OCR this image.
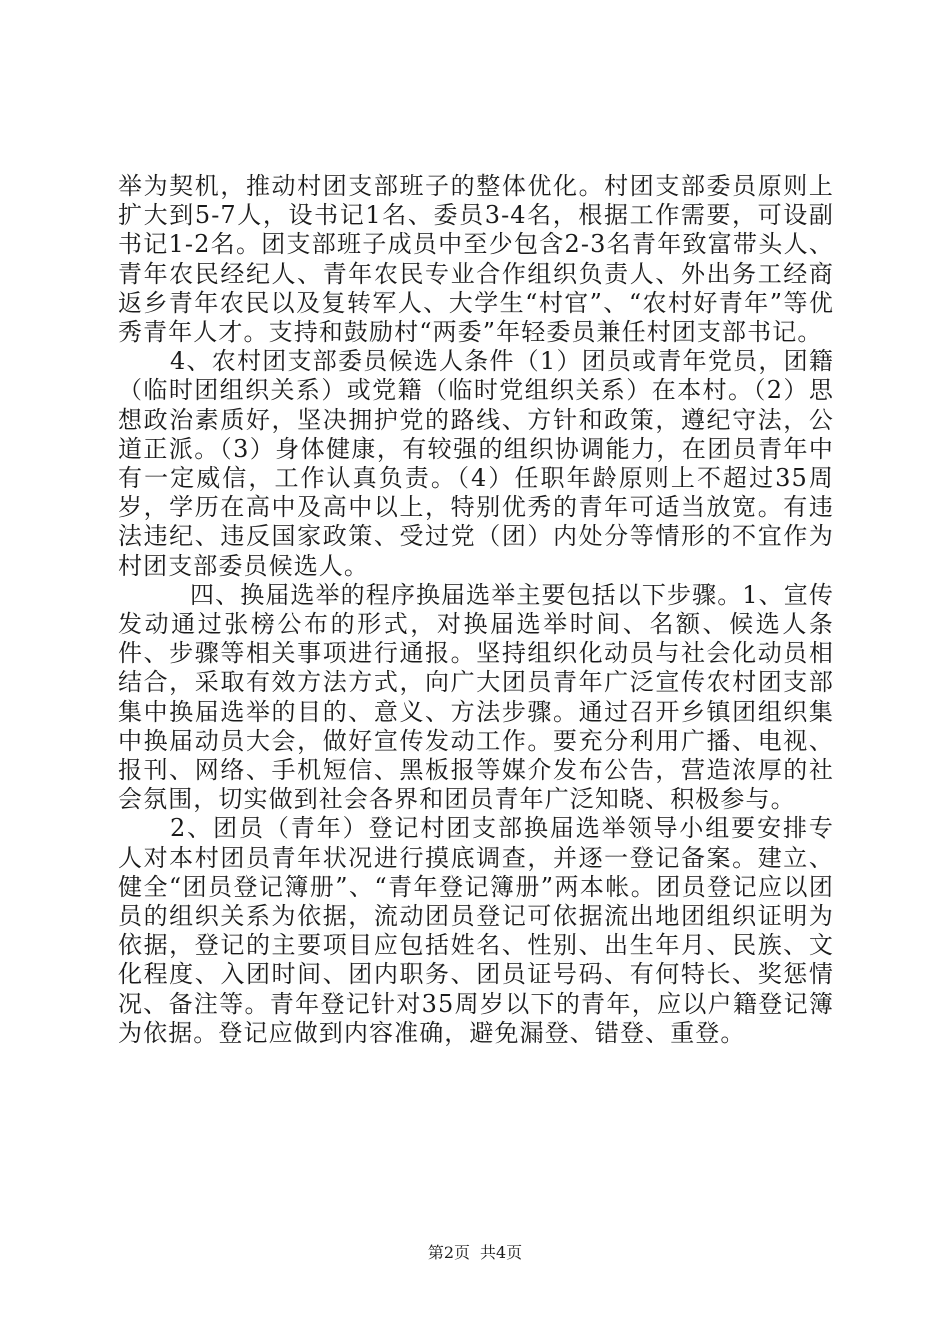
举为契机，推动村团支部班子的整体优化。村团支部委员原则上扩大到5-7人，设书记1名、委员3-4名，根据工作需要，可设副书记1-2名。团支部班子成员中至少包含2-3名青年致富带头人、青年农民经纪人、青年农民专业合作组织负责人、外出务工经商返乡青年农民以及复转军人、大学生“村官”、“农村好青年”等优秀青年人才。支持和鼓励村“两委”年轻委员兼任村团支部书记。

4、农村团支部委员候选人条件（1）团员或青年党员，团籍（临时团组织关系）或党籍（临时党组织关系）在本村。（2）思想政治素质好，坚决拥护党的路线、方针和政策，遵纪守法，公道正派。（3）身体健康，有较强的组织协调能力，在团员青年中有一定威信，工作认真负责。（4）任职年龄原则上不超过35周岁，学历在高中及高中以上，特别优秀的青年可适当放宽。有违法违纪、违反国家政策、受过党（团）内处分等情形的不宜作为村团支部委员候选人。

四、换届选举的程序换届选举主要包括以下步骤。1、宣传发动通过张榜公布的形式，对换届选举时间、名额、候选人条件、步骤等相关事项进行通报。坚持组织化动员与社会化动员相结合，采取有效方法方式，向广大团员青年广泛宣传农村团支部集中换届选举的目的、意义、方法步骤。通过召开乡镇团组织集中换届动员大会，做好宣传发动工作。要充分利用广播、电视、报刊、网络、手机短信、黑板报等媒介发布公告，营造浓厚的社会氛围，切实做到社会各界和团员青年广泛知晓、积极参与。

2、团员（青年）登记村团支部换届选举领导小组要安排专人对本村团员青年状况进行摸底调查，并逐一登记备案。建立、健全“团员登记簿册”、“青年登记簿册”两本帐。团员登记应以团员的组织关系为依据，流动团员登记可依据流出地团组织证明为依据，登记的主要项目应包括姓名、性别、出生年月、民族、文化程度、入团时间、团内职务、团员证号码、有何特长、奖惩情况、备注等。青年登记针对35周岁以下的青年，应以户籍登记簿为依据。登记应做到内容准确，避免漏登、错登、重登。

第2页 共4页
